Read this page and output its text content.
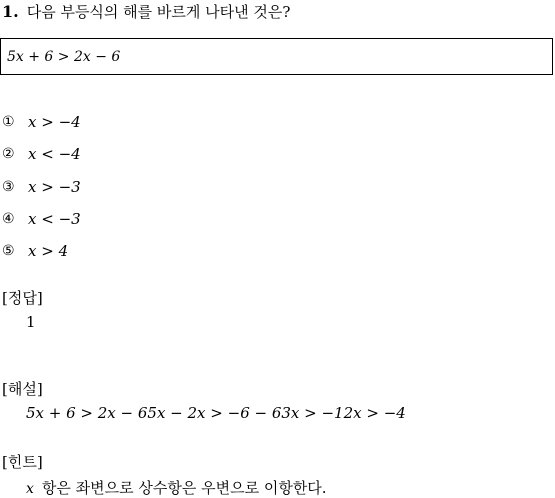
1. 다음 부등식의 해를 바르게 나타낸 것은?
5x + 6 > 2x − 6
① x > −4
② x < −4
③ x > −3
④ x < −3
⑤ x > 4
[정답]
1
[해설]
5x + 6 > 2x − 65x − 2x > −6 − 63x > −12x > −4
[힌트]
x 항은 좌변으로 상수항은 우변으로 이항한다.
